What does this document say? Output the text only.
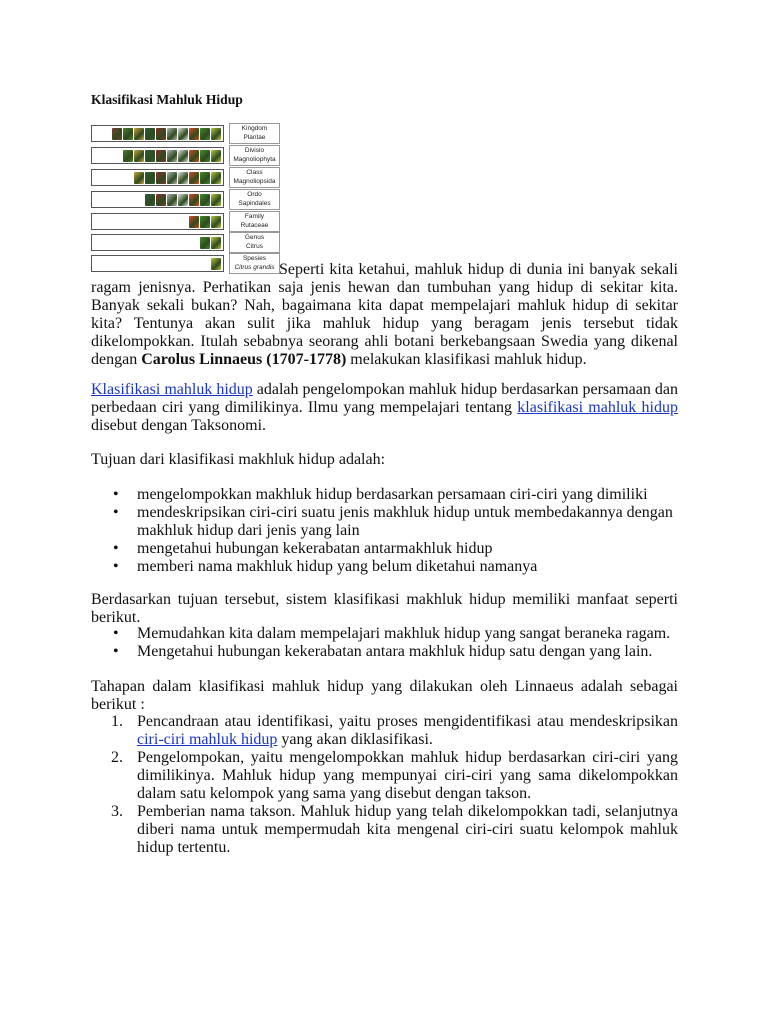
Klasifikasi Mahluk Hidup
Kingdom
Plantae
Divisio
Magnoliophyta
Class
Magnoliopsida
Ordo
Sapindales
Family
Rutaceae
Genus
Citrus
Spesies
Citrus grandis Seperti kita ketahui, mahluk hidup di dunia ini banyak sekali ragam jenisnya. Perhatikan saja jenis hewan dan tumbuhan yang hidup di sekitar kita. Banyak sekali bukan? Nah, bagaimana kita dapat mempelajari mahluk hidup di sekitar kita? Tentunya akan sulit jika mahluk hidup yang beragam jenis tersebut tidak dikelompokkan. Itulah sebabnya seorang ahli botani berkebangsaan Swedia yang dikenal dengan Carolus Linnaeus (1707-1778) melakukan klasifikasi mahluk hidup.

Klasifikasi mahluk hidup adalah pengelompokan mahluk hidup berdasarkan persamaan dan perbedaan ciri yang dimilikinya. Ilmu yang mempelajari tentang klasifikasi mahluk hidup disebut dengan Taksonomi.

Tujuan dari klasifikasi makhluk hidup adalah:

• mengelompokkan makhluk hidup berdasarkan persamaan ciri-ciri yang dimiliki
• mendeskripsikan ciri-ciri suatu jenis makhluk hidup untuk membedakannya dengan makhluk hidup dari jenis yang lain
• mengetahui hubungan kekerabatan antarmakhluk hidup
• memberi nama makhluk hidup yang belum diketahui namanya

Berdasarkan tujuan tersebut, sistem klasifikasi makhluk hidup memiliki manfaat seperti berikut.

• Memudahkan kita dalam mempelajari makhluk hidup yang sangat beraneka ragam.
• Mengetahui hubungan kekerabatan antara makhluk hidup satu dengan yang lain.

Tahapan dalam klasifikasi mahluk hidup yang dilakukan oleh Linnaeus adalah sebagai berikut :

1. Pencandraan atau identifikasi, yaitu proses mengidentifikasi atau mendeskripsikan ciri-ciri mahluk hidup yang akan diklasifikasi.
2. Pengelompokan, yaitu mengelompokkan mahluk hidup berdasarkan ciri-ciri yang dimilikinya. Mahluk hidup yang mempunyai ciri-ciri yang sama dikelompokkan dalam satu kelompok yang sama yang disebut dengan takson.
3. Pemberian nama takson. Mahluk hidup yang telah dikelompokkan tadi, selanjutnya diberi nama untuk mempermudah kita mengenal ciri-ciri suatu kelompok mahluk hidup tertentu.
